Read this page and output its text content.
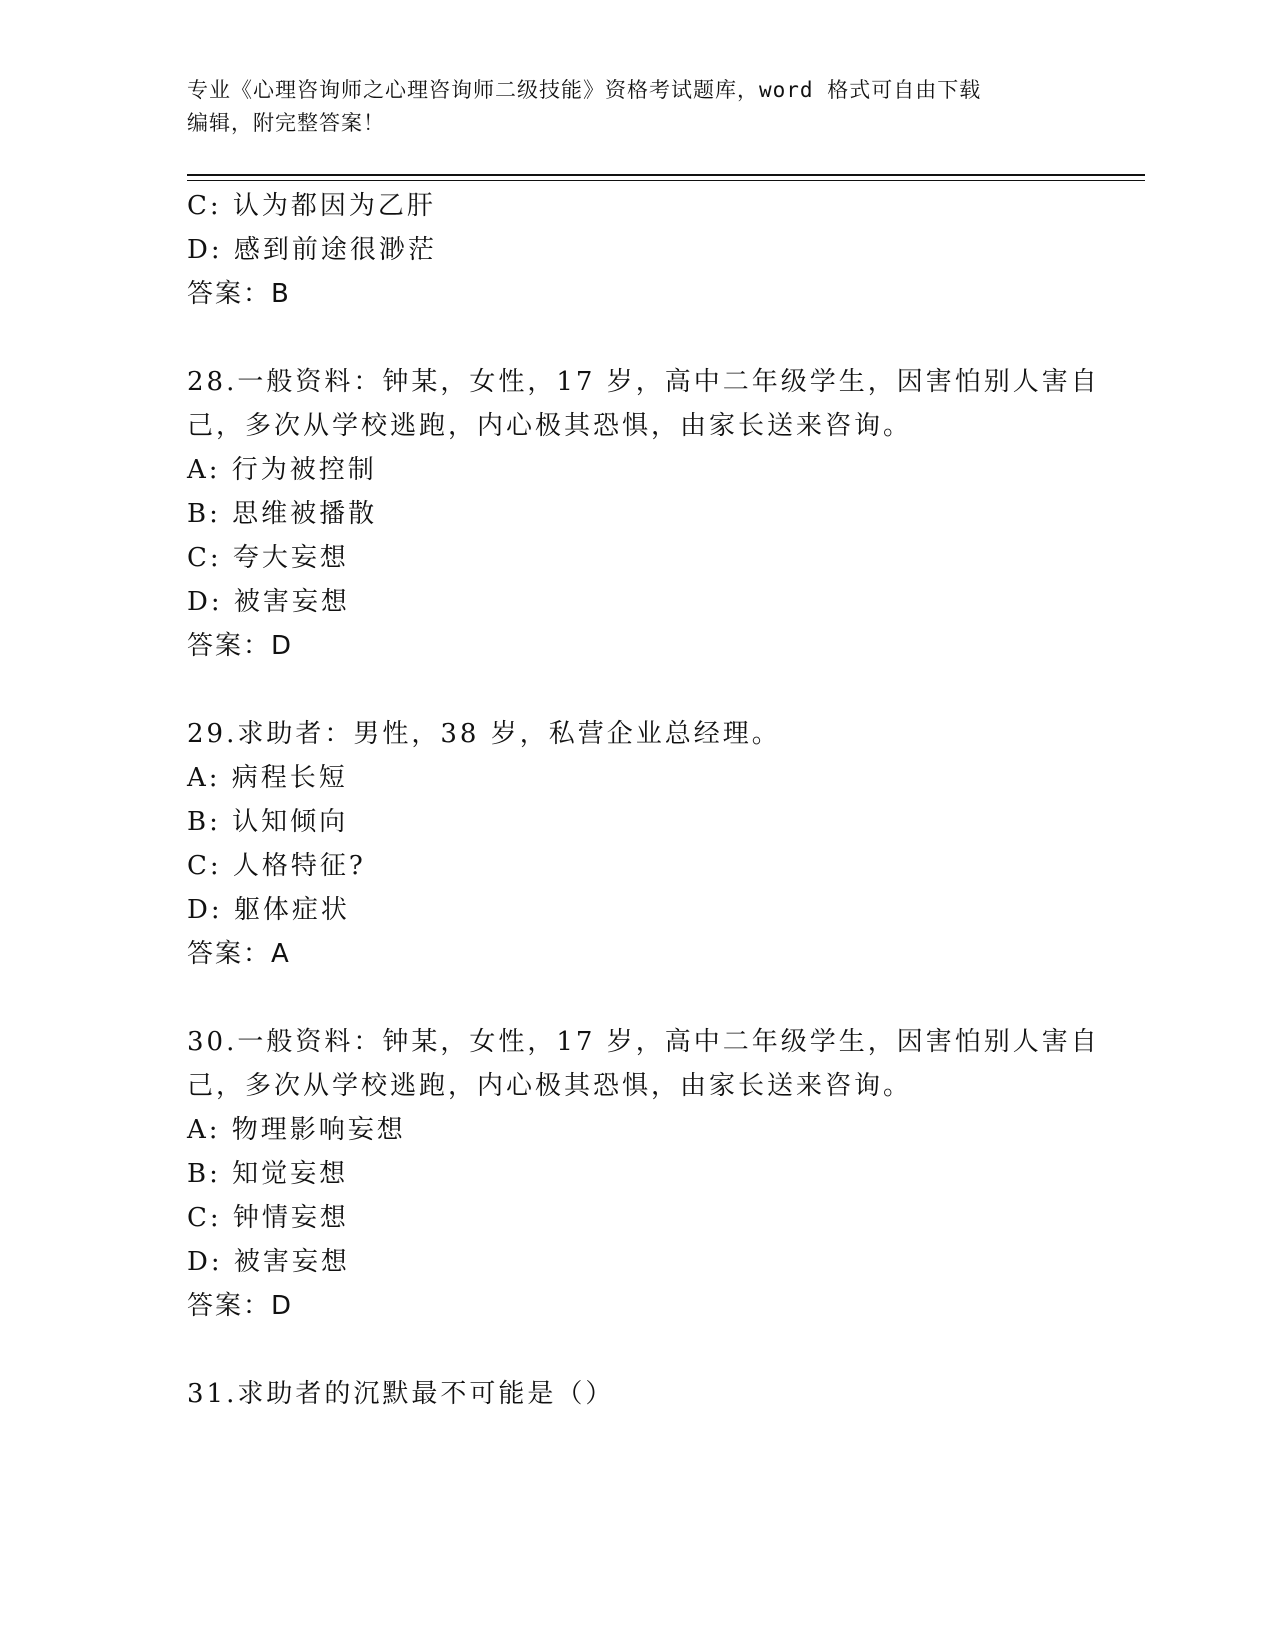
专业《心理咨询师之心理咨询师二级技能》资格考试题库，word 格式可自由下载
编辑，附完整答案！
C: 认为都因为乙肝
D: 感到前途很渺茫
答案：B
28.一般资料：钟某，女性，17 岁，高中二年级学生，因害怕别人害自
己，多次从学校逃跑，内心极其恐惧，由家长送来咨询。
A: 行为被控制
B: 思维被播散
C: 夸大妄想
D: 被害妄想
答案：D
29.求助者：男性，38 岁，私营企业总经理。
A: 病程长短
B: 认知倾向
C: 人格特征?
D: 躯体症状
答案：A
30.一般资料：钟某，女性，17 岁，高中二年级学生，因害怕别人害自
己，多次从学校逃跑，内心极其恐惧，由家长送来咨询。
A: 物理影响妄想
B: 知觉妄想
C: 钟情妄想
D: 被害妄想
答案：D
31.求助者的沉默最不可能是（）
